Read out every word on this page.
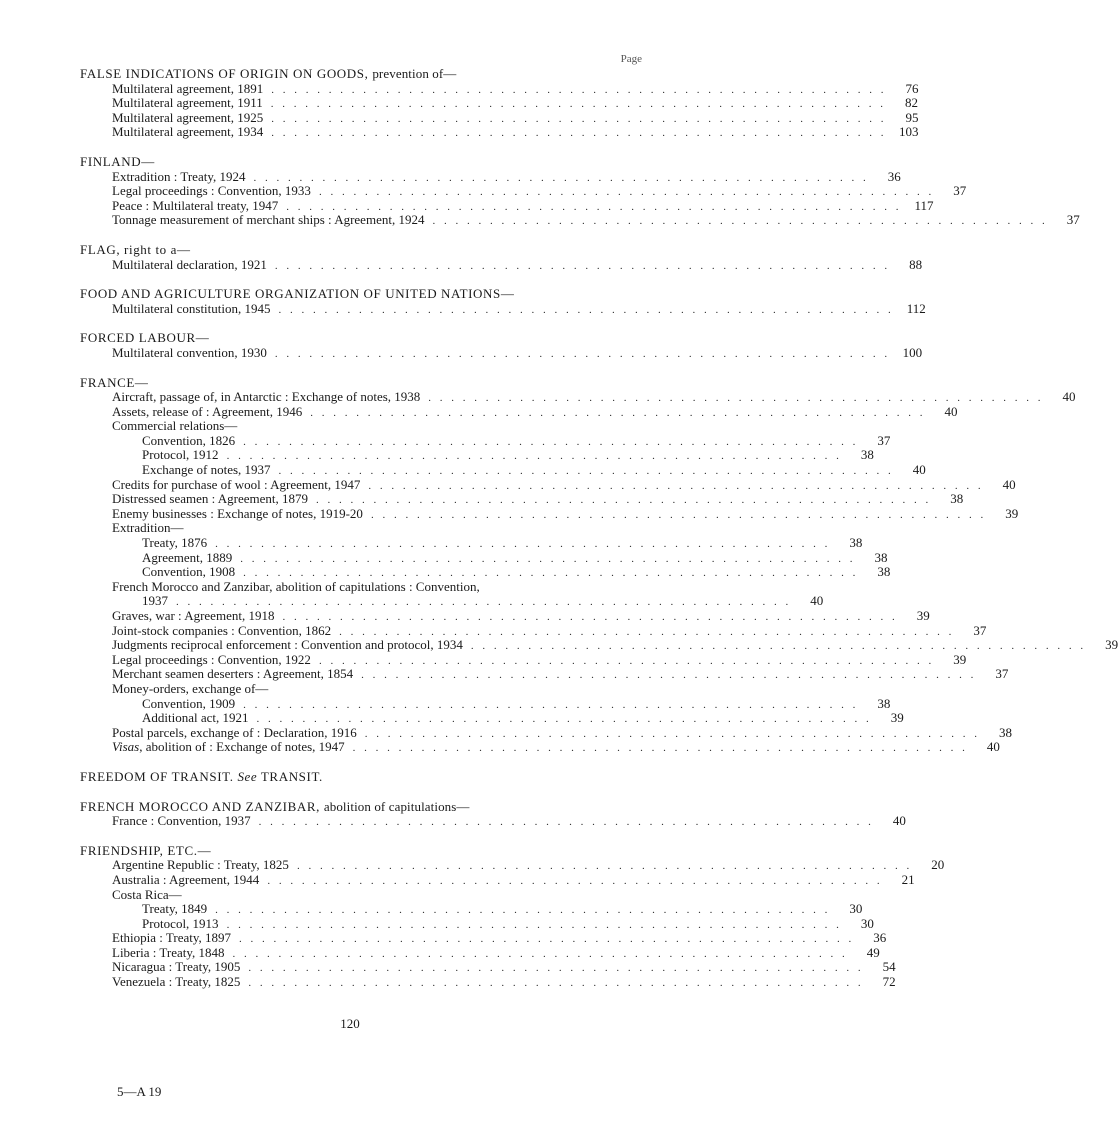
Page
FALSE INDICATIONS OF ORIGIN ON GOODS, prevention of—
Multilateral agreement, 1891 . . . . . . . . . . . . . . . . . . . . . . . . . . . . . . . . . . . . . . . . . . . . . . . . . . . . . .	76
Multilateral agreement, 1911 . . . . . . . . . . . . . . . . . . . . . . . . . . . . . . . . . . . . . . . . . . . . . . . . . . . . . .	82
Multilateral agreement, 1925 . . . . . . . . . . . . . . . . . . . . . . . . . . . . . . . . . . . . . . . . . . . . . . . . . . . . . .	95
Multilateral agreement, 1934 . . . . . . . . . . . . . . . . . . . . . . . . . . . . . . . . . . . . . . . . . . . . . . . . . . . . . . 103
FINLAND—
Extradition : Treaty, 1924 . . . . . . . . . . . . . . . . . . . . . . . . . . . . . . . . . . . . . . . . . . . . . . . . . . . . . .	36
Legal proceedings : Convention, 1933 . . . . . . . . . . . . . . . . . . . . . . . . . . . . . . . . . . . . . . . . . . . . . . . . . . . . . .	37
Peace : Multilateral treaty, 1947 . . . . . . . . . . . . . . . . . . . . . . . . . . . . . . . . . . . . . . . . . . . . . . . . . . . . . . 117
Tonnage measurement of merchant ships : Agreement, 1924 . . . . . . . . . . . . . . . . . . . . . . . . . . . . . . . . . . . . . . . . . . . . . . . . . . . . . .	37
FLAG, right to a—
Multilateral declaration, 1921 . . . . . . . . . . . . . . . . . . . . . . . . . . . . . . . . . . . . . . . . . . . . . . . . . . . . . .	88
FOOD AND AGRICULTURE ORGANIZATION OF UNITED NATIONS—
Multilateral constitution, 1945 . . . . . . . . . . . . . . . . . . . . . . . . . . . . . . . . . . . . . . . . . . . . . . . . . . . . . . 112
FORCED LABOUR—
Multilateral convention, 1930 . . . . . . . . . . . . . . . . . . . . . . . . . . . . . . . . . . . . . . . . . . . . . . . . . . . . . . 100
FRANCE—
Aircraft, passage of, in Antarctic : Exchange of notes, 1938 . . . . . . . . . . . . . . . . . . . . . . . . . . . . . . . . . . . . . . . . . . . . . . . . . . . . . .	40
Assets, release of : Agreement, 1946 . . . . . . . . . . . . . . . . . . . . . . . . . . . . . . . . . . . . . . . . . . . . . . . . . . . . . .	40
Commercial relations—
Convention, 1826 . . . . . . . . . . . . . . . . . . . . . . . . . . . . . . . . . . . . . . . . . . . . . . . . . . . . . .	37
Protocol, 1912 . . . . . . . . . . . . . . . . . . . . . . . . . . . . . . . . . . . . . . . . . . . . . . . . . . . . . .	38
Exchange of notes, 1937 . . . . . . . . . . . . . . . . . . . . . . . . . . . . . . . . . . . . . . . . . . . . . . . . . . . . . .	40
Credits for purchase of wool : Agreement, 1947 . . . . . . . . . . . . . . . . . . . . . . . . . . . . . . . . . . . . . . . . . . . . . . . . . . . . . .	40
Distressed seamen : Agreement, 1879 . . . . . . . . . . . . . . . . . . . . . . . . . . . . . . . . . . . . . . . . . . . . . . . . . . . . . .	38
Enemy businesses : Exchange of notes, 1919-20 . . . . . . . . . . . . . . . . . . . . . . . . . . . . . . . . . . . . . . . . . . . . . . . . . . . . . .	39
Extradition—
Treaty, 1876 . . . . . . . . . . . . . . . . . . . . . . . . . . . . . . . . . . . . . . . . . . . . . . . . . . . . . .	38
Agreement, 1889 . . . . . . . . . . . . . . . . . . . . . . . . . . . . . . . . . . . . . . . . . . . . . . . . . . . . . .	38
Convention, 1908 . . . . . . . . . . . . . . . . . . . . . . . . . . . . . . . . . . . . . . . . . . . . . . . . . . . . . .	38
French Morocco and Zanzibar, abolition of capitulations : Convention,
1937 . . . . . . . . . . . . . . . . . . . . . . . . . . . . . . . . . . . . . . . . . . . . . . . . . . . . . .	40
Graves, war : Agreement, 1918 . . . . . . . . . . . . . . . . . . . . . . . . . . . . . . . . . . . . . . . . . . . . . . . . . . . . . .	39
Joint-stock companies : Convention, 1862 . . . . . . . . . . . . . . . . . . . . . . . . . . . . . . . . . . . . . . . . . . . . . . . . . . . . . .	37
Judgments reciprocal enforcement : Convention and protocol, 1934 . . . . . . . . . . . . . . . . . . . . . . . . . . . . . . . . . . . . . . . . . . . . . . . . . . . . . .	39
Legal proceedings : Convention, 1922 . . . . . . . . . . . . . . . . . . . . . . . . . . . . . . . . . . . . . . . . . . . . . . . . . . . . . .	39
Merchant seamen deserters : Agreement, 1854 . . . . . . . . . . . . . . . . . . . . . . . . . . . . . . . . . . . . . . . . . . . . . . . . . . . . . .	37
Money-orders, exchange of—
Convention, 1909 . . . . . . . . . . . . . . . . . . . . . . . . . . . . . . . . . . . . . . . . . . . . . . . . . . . . . .	38
Additional act, 1921 . . . . . . . . . . . . . . . . . . . . . . . . . . . . . . . . . . . . . . . . . . . . . . . . . . . . . .	39
Postal parcels, exchange of : Declaration, 1916 . . . . . . . . . . . . . . . . . . . . . . . . . . . . . . . . . . . . . . . . . . . . . . . . . . . . . .	38
Visas, abolition of : Exchange of notes, 1947 . . . . . . . . . . . . . . . . . . . . . . . . . . . . . . . . . . . . . . . . . . . . . . . . . . . . . .	40
FREEDOM OF TRANSIT. See TRANSIT.
FRENCH MOROCCO AND ZANZIBAR, abolition of capitulations—
France : Convention, 1937 . . . . . . . . . . . . . . . . . . . . . . . . . . . . . . . . . . . . . . . . . . . . . . . . . . . . . .	40
FRIENDSHIP, ETC.—
Argentine Republic : Treaty, 1825 . . . . . . . . . . . . . . . . . . . . . . . . . . . . . . . . . . . . . . . . . . . . . . . . . . . . . .	20
Australia : Agreement, 1944 . . . . . . . . . . . . . . . . . . . . . . . . . . . . . . . . . . . . . . . . . . . . . . . . . . . . . .	21
Costa Rica—
Treaty, 1849 . . . . . . . . . . . . . . . . . . . . . . . . . . . . . . . . . . . . . . . . . . . . . . . . . . . . . .	30
Protocol, 1913 . . . . . . . . . . . . . . . . . . . . . . . . . . . . . . . . . . . . . . . . . . . . . . . . . . . . . .	30
Ethiopia : Treaty, 1897 . . . . . . . . . . . . . . . . . . . . . . . . . . . . . . . . . . . . . . . . . . . . . . . . . . . . . .	36
Liberia : Treaty, 1848 . . . . . . . . . . . . . . . . . . . . . . . . . . . . . . . . . . . . . . . . . . . . . . . . . . . . . .	49
Nicaragua : Treaty, 1905 . . . . . . . . . . . . . . . . . . . . . . . . . . . . . . . . . . . . . . . . . . . . . . . . . . . . . .	54
Venezuela : Treaty, 1825 . . . . . . . . . . . . . . . . . . . . . . . . . . . . . . . . . . . . . . . . . . . . . . . . . . . . . .	72
120
5—A 19
